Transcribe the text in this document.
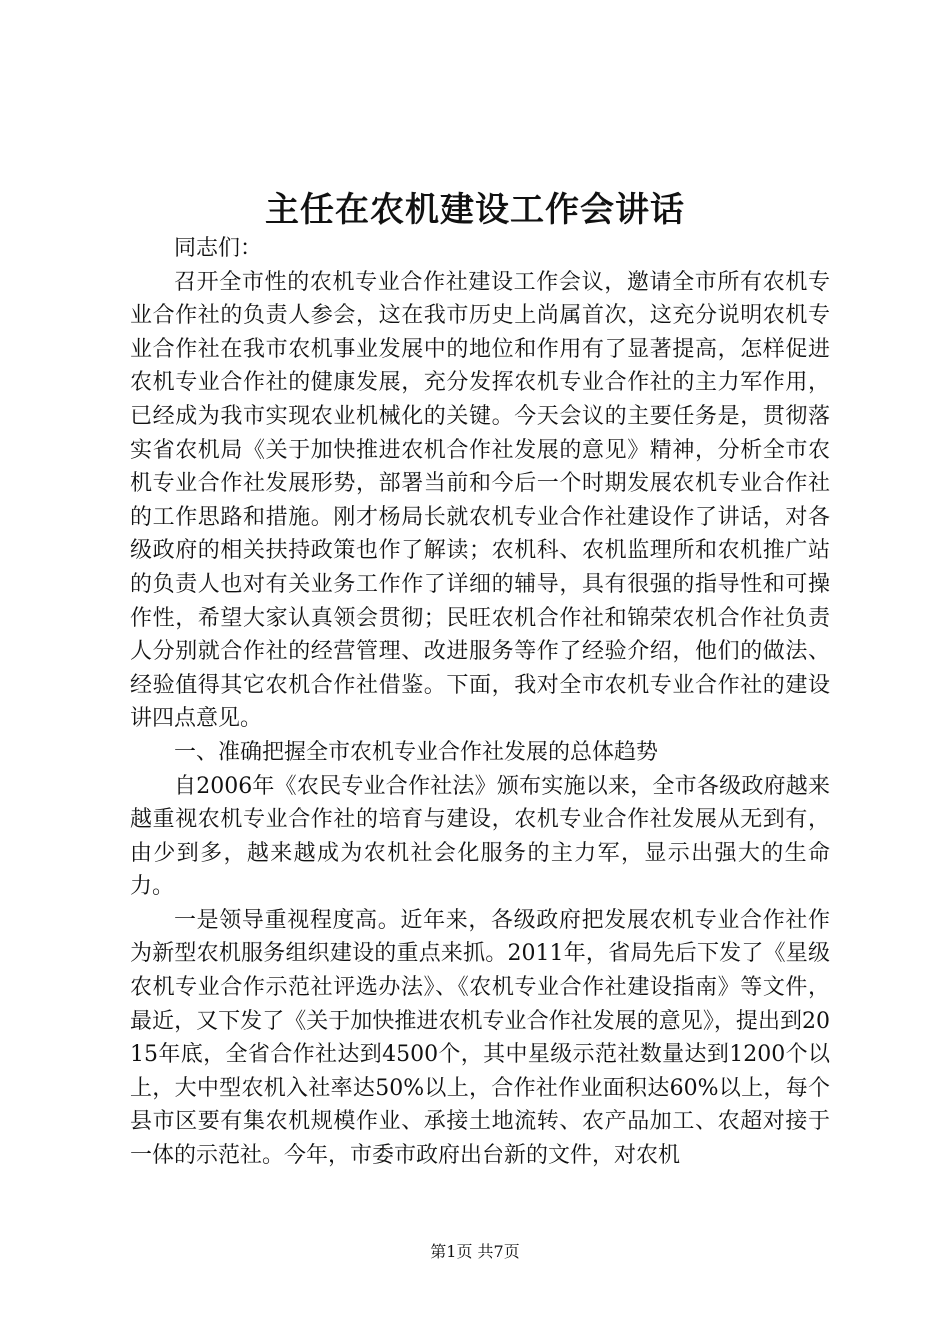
主任在农机建设工作会讲话

同志们：

召开全市性的农机专业合作社建设工作会议，邀请全市所有农机专业合作社的负责人参会，这在我市历史上尚属首次，这充分说明农机专业合作社在我市农机事业发展中的地位和作用有了显著提高，怎样促进农机专业合作社的健康发展，充分发挥农机专业合作社的主力军作用，已经成为我市实现农业机械化的关键。今天会议的主要任务是，贯彻落实省农机局《关于加快推进农机合作社发展的意见》精神，分析全市农机专业合作社发展形势，部署当前和今后一个时期发展农机专业合作社的工作思路和措施。刚才杨局长就农机专业合作社建设作了讲话，对各级政府的相关扶持政策也作了解读；农机科、农机监理所和农机推广站的负责人也对有关业务工作作了详细的辅导，具有很强的指导性和可操作性，希望大家认真领会贯彻；民旺农机合作社和锦荣农机合作社负责人分别就合作社的经营管理、改进服务等作了经验介绍，他们的做法、经验值得其它农机合作社借鉴。下面，我对全市农机专业合作社的建设讲四点意见。

一、准确把握全市农机专业合作社发展的总体趋势

自2006年《农民专业合作社法》颁布实施以来，全市各级政府越来越重视农机专业合作社的培育与建设，农机专业合作社发展从无到有，由少到多，越来越成为农机社会化服务的主力军，显示出强大的生命力。

一是领导重视程度高。近年来，各级政府把发展农机专业合作社作为新型农机服务组织建设的重点来抓。2011年，省局先后下发了《星级农机专业合作示范社评选办法》、《农机专业合作社建设指南》等文件，最近，又下发了《关于加快推进农机专业合作社发展的意见》，提出到2015年底，全省合作社达到4500个，其中星级示范社数量达到1200个以上，大中型农机入社率达50%以上，合作社作业面积达60%以上，每个县市区要有集农机规模作业、承接土地流转、农产品加工、农超对接于一体的示范社。今年，市委市政府出台新的文件，对农机

第1页 共7页
